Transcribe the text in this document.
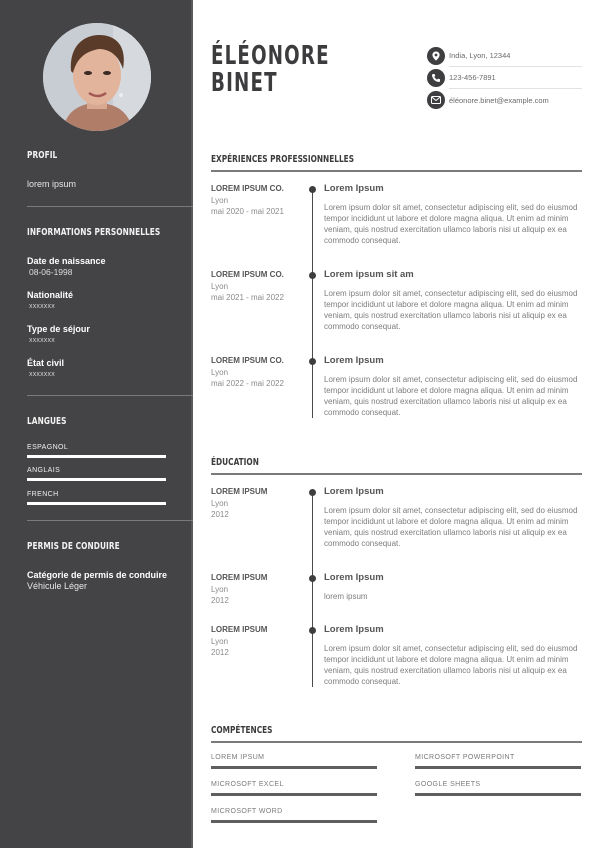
PROFIL
lorem ipsum
INFORMATIONS PERSONNELLES
Date de naissance
08-06-1998
Nationalité
xxxxxxx
Type de séjour
xxxxxxx
État civil
xxxxxxx
LANGUES
ESPAGNOL
ANGLAIS
FRENCH
PERMIS DE CONDUIRE
Catégorie de permis de conduire
Véhicule Léger
ÉLÉONORE
BINET
India, Lyon, 12344
123-456-7891
éléonore.binet@example.com
EXPÉRIENCES PROFESSIONNELLES
LOREM IPSUM CO.
Lyon
mai 2020 - mai 2021
Lorem Ipsum
Lorem ipsum dolor sit amet, consectetur adipiscing elit, sed do eiusmod tempor incididunt ut labore et dolore magna aliqua. Ut enim ad minim veniam, quis nostrud exercitation ullamco laboris nisi ut aliquip ex ea commodo consequat.
LOREM IPSUM CO.
Lyon
mai 2021 - mai 2022
Lorem ipsum sit am
Lorem ipsum dolor sit amet, consectetur adipiscing elit, sed do eiusmod tempor incididunt ut labore et dolore magna aliqua. Ut enim ad minim veniam, quis nostrud exercitation ullamco laboris nisi ut aliquip ex ea commodo consequat.
LOREM IPSUM CO.
Lyon
mai 2022 - mai 2022
Lorem Ipsum
Lorem ipsum dolor sit amet, consectetur adipiscing elit, sed do eiusmod tempor incididunt ut labore et dolore magna aliqua. Ut enim ad minim veniam, quis nostrud exercitation ullamco laboris nisi ut aliquip ex ea commodo consequat.
ÉDUCATION
LOREM IPSUM
Lyon
2012
Lorem Ipsum
Lorem ipsum dolor sit amet, consectetur adipiscing elit, sed do eiusmod tempor incididunt ut labore et dolore magna aliqua. Ut enim ad minim veniam, quis nostrud exercitation ullamco laboris nisi ut aliquip ex ea commodo consequat.
LOREM IPSUM
Lyon
2012
Lorem Ipsum
lorem ipsum
LOREM IPSUM
Lyon
2012
Lorem Ipsum
Lorem ipsum dolor sit amet, consectetur adipiscing elit, sed do eiusmod tempor incididunt ut labore et dolore magna aliqua. Ut enim ad minim veniam, quis nostrud exercitation ullamco laboris nisi ut aliquip ex ea commodo consequat.
COMPÉTENCES
LOREM IPSUM	MICROSOFT POWERPOINT
MICROSOFT EXCEL	GOOGLE SHEETS
MICROSOFT WORD
